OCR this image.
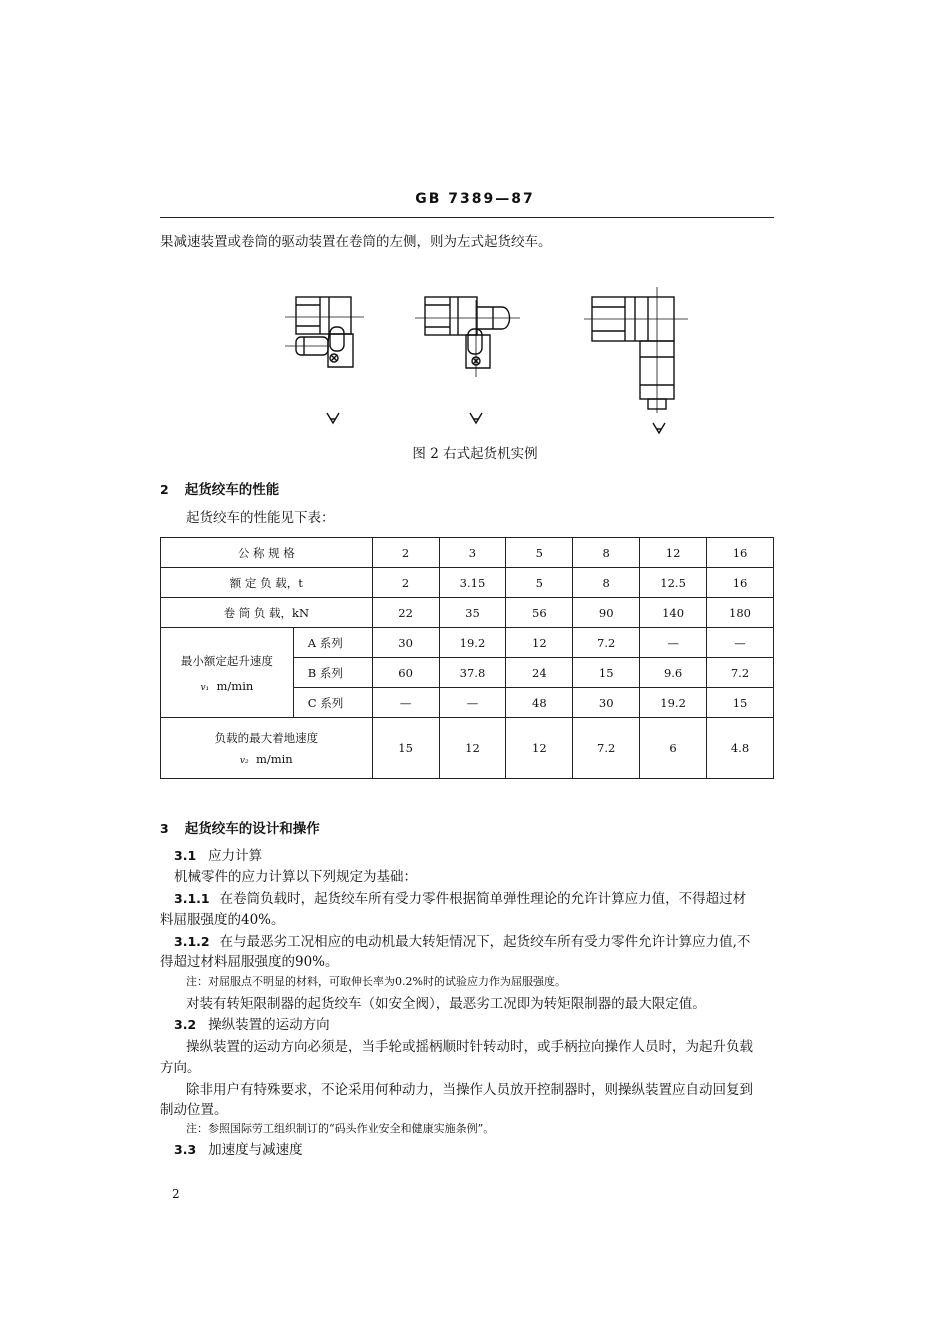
GB 7389—87
果减速装置或卷筒的驱动装置在卷筒的左侧，则为左式起货绞车。
图 2 右式起货机实例
2 起货绞车的性能
起货绞车的性能见下表：
公 称 规 格		2	3	5	8	12	16
额 定 负 载，t		2	3.15	5	8	12.5	16
卷 筒 负 载，kN		22	35	56	90	140	180

最小额定起升速度
v₁ m/min	A 系列	30	19.2	12	7.2	—	—
	B 系列	60	37.8	24	15	9.6	7.2
	C 系列	—	—	48	30	19.2	15

负载的最大着地速度
v₂ m/min		15	12	12	7.2	6	4.8
3 起货绞车的设计和操作
3.1 应力计算
机械零件的应力计算以下列规定为基础：
3.1.1 在卷筒负载时，起货绞车所有受力零件根据简单弹性理论的允许计算应力值，不得超过材
料屈服强度的40%。
3.1.2 在与最恶劣工况相应的电动机最大转矩情况下，起货绞车所有受力零件允许计算应力值,不
得超过材料屈服强度的90%。
注：对屈服点不明显的材料，可取伸长率为0.2%时的试验应力作为屈服强度。
对装有转矩限制器的起货绞车（如安全阀），最恶劣工况即为转矩限制器的最大限定值。
3.2 操纵装置的运动方向
操纵装置的运动方向必须是，当手轮或摇柄顺时针转动时，或手柄拉向操作人员时，为起升负载
方向。
除非用户有特殊要求，不论采用何种动力，当操作人员放开控制器时，则操纵装置应自动回复到
制动位置。
注：参照国际劳工组织制订的“码头作业安全和健康实施条例”。
3.3 加速度与减速度
2
